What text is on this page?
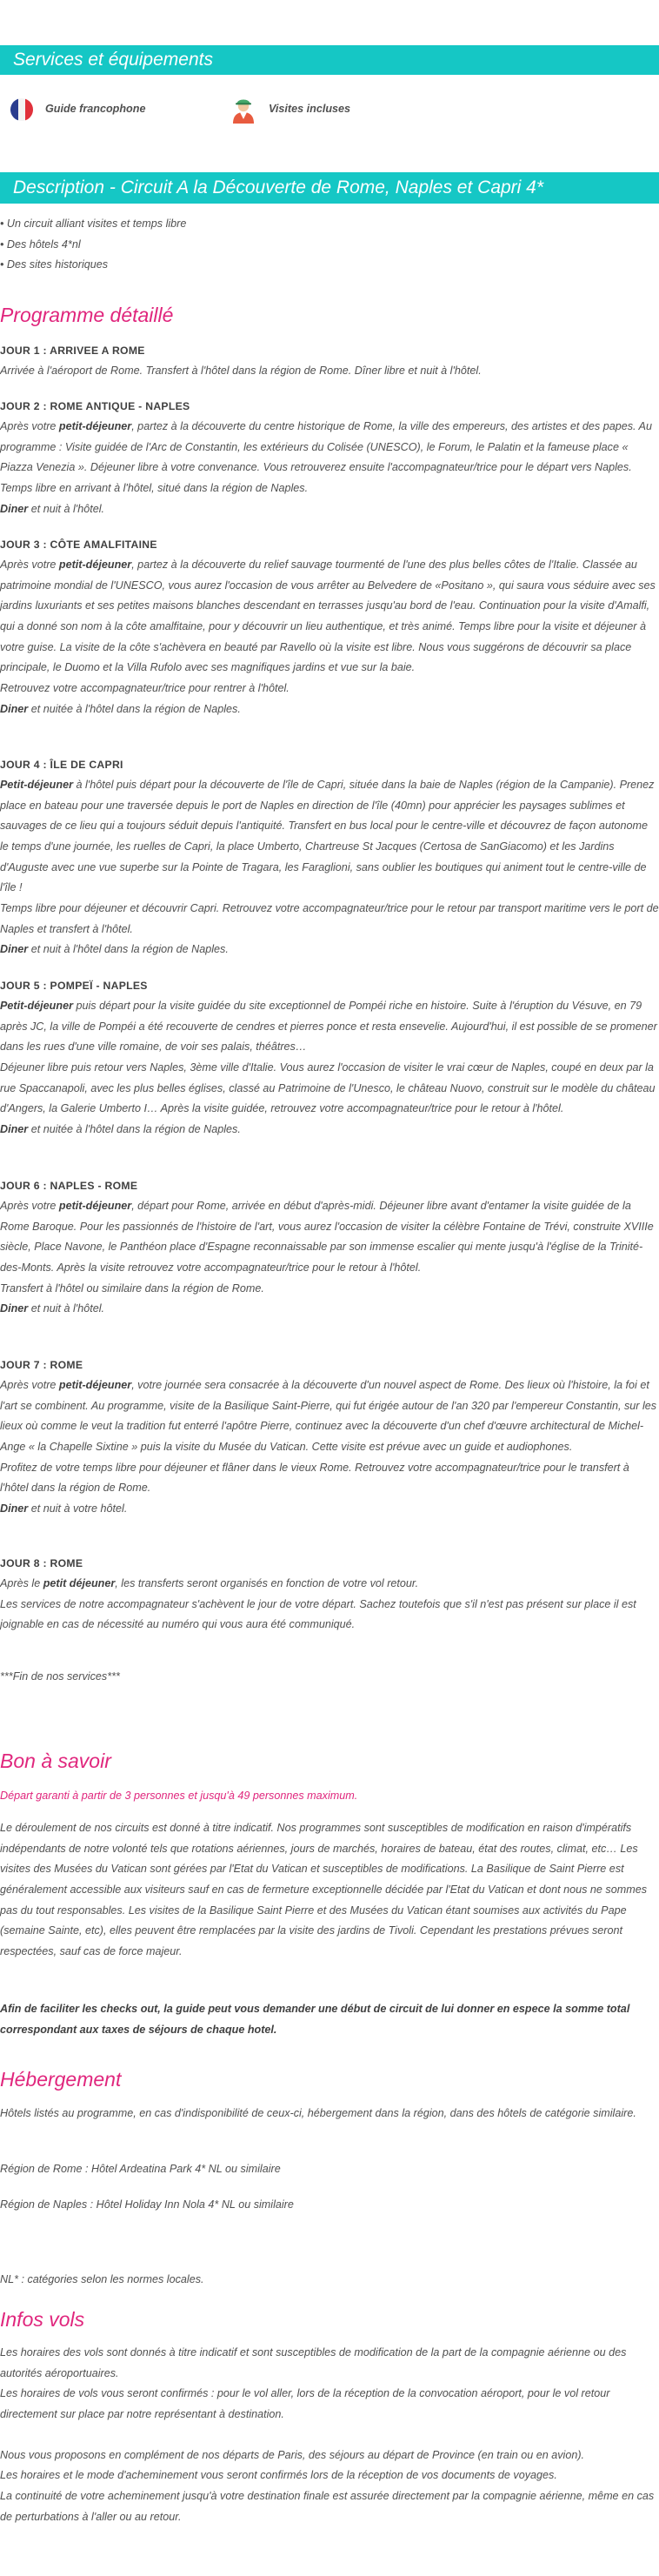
Services et équipements
Guide francophone	Visites incluses
Description - Circuit A la Découverte de Rome, Naples et Capri 4*
• Un circuit alliant visites et temps libre
• Des hôtels 4*nl
• Des sites historiques
Programme détaillé
JOUR 1 : ARRIVEE A ROME
Arrivée à l'aéroport de Rome. Transfert à l'hôtel dans la région de Rome. Dîner libre et nuit à l'hôtel.
JOUR 2 : ROME ANTIQUE - NAPLES
Après votre petit-déjeuner, partez à la découverte du centre historique de Rome, la ville des empereurs, des artistes et des papes. Au programme : Visite guidée de l'Arc de Constantin, les extérieurs du Colisée (UNESCO), le Forum, le Palatin et la fameuse place « Piazza Venezia ». Déjeuner libre à votre convenance. Vous retrouverez ensuite l'accompagnateur/trice pour le départ vers Naples. Temps libre en arrivant à l'hôtel, situé dans la région de Naples.
Diner et nuit à l'hôtel.
JOUR 3 : CÔTE AMALFITAINE
Après votre petit-déjeuner, partez à la découverte du relief sauvage tourmenté de l'une des plus belles côtes de l'Italie. Classée au patrimoine mondial de l'UNESCO, vous aurez l'occasion de vous arrêter au Belvedere de «Positano », qui saura vous séduire avec ses jardins luxuriants et ses petites maisons blanches descendant en terrasses jusqu'au bord de l'eau. Continuation pour la visite d'Amalfi, qui a donné son nom à la côte amalfitaine, pour y découvrir un lieu authentique, et très animé. Temps libre pour la visite et déjeuner à votre guise. La visite de la côte s'achèvera en beauté par Ravello où la visite est libre. Nous vous suggérons de découvrir sa place principale, le Duomo et la Villa Rufolo avec ses magnifiques jardins et vue sur la baie.
Retrouvez votre accompagnateur/trice pour rentrer à l'hôtel.
Diner et nuitée à l'hôtel dans la région de Naples.
JOUR 4 : ÎLE DE CAPRI
Petit-déjeuner à l'hôtel puis départ pour la découverte de l'île de Capri, située dans la baie de Naples (région de la Campanie). Prenez place en bateau pour une traversée depuis le port de Naples en direction de l'île (40mn) pour apprécier les paysages sublimes et sauvages de ce lieu qui a toujours séduit depuis l'antiquité. Transfert en bus local pour le centre-ville et découvrez de façon autonome le temps d'une journée, les ruelles de Capri, la place Umberto, Chartreuse St Jacques (Certosa de SanGiacomo) et les Jardins d'Auguste avec une vue superbe sur la Pointe de Tragara, les Faraglioni, sans oublier les boutiques qui animent tout le centre-ville de l'île !
Temps libre pour déjeuner et découvrir Capri. Retrouvez votre accompagnateur/trice pour le retour par transport maritime vers le port de Naples et transfert à l'hôtel.
Diner et nuit à l'hôtel dans la région de Naples.
JOUR 5 : POMPEÏ - NAPLES
Petit-déjeuner puis départ pour la visite guidée du site exceptionnel de Pompéi riche en histoire. Suite à l'éruption du Vésuve, en 79 après JC, la ville de Pompéi a été recouverte de cendres et pierres ponce et resta ensevelie. Aujourd'hui, il est possible de se promener dans les rues d'une ville romaine, de voir ses palais, théâtres…
Déjeuner libre puis retour vers Naples, 3ème ville d'Italie. Vous aurez l'occasion de visiter le vrai cœur de Naples, coupé en deux par la rue Spaccanapoli, avec les plus belles églises, classé au Patrimoine de l'Unesco, le château Nuovo, construit sur le modèle du château d'Angers, la Galerie Umberto I… Après la visite guidée, retrouvez votre accompagnateur/trice pour le retour à l'hôtel.
Diner et nuitée à l'hôtel dans la région de Naples.
JOUR 6 : NAPLES - ROME
Après votre petit-déjeuner, départ pour Rome, arrivée en début d'après-midi. Déjeuner libre avant d'entamer la visite guidée de la Rome Baroque. Pour les passionnés de l'histoire de l'art, vous aurez l'occasion de visiter la célèbre Fontaine de Trévi, construite XVIIIe siècle, Place Navone, le Panthéon place d'Espagne reconnaissable par son immense escalier qui mente jusqu'à l'église de la Trinité-des-Monts. Après la visite retrouvez votre accompagnateur/trice pour le retour à l'hôtel.
Transfert à l'hôtel ou similaire dans la région de Rome.
Diner et nuit à l'hôtel.
JOUR 7 : ROME
Après votre petit-déjeuner, votre journée sera consacrée à la découverte d'un nouvel aspect de Rome. Des lieux où l'histoire, la foi et l'art se combinent. Au programme, visite de la Basilique Saint-Pierre, qui fut érigée autour de l'an 320 par l'empereur Constantin, sur les lieux où comme le veut la tradition fut enterré l'apôtre Pierre, continuez avec la découverte d'un chef d'œuvre architectural de Michel-Ange « la Chapelle Sixtine » puis la visite du Musée du Vatican. Cette visite est prévue avec un guide et audiophones.
Profitez de votre temps libre pour déjeuner et flâner dans le vieux Rome. Retrouvez votre accompagnateur/trice pour le transfert à l'hôtel dans la région de Rome.
Diner et nuit à votre hôtel.
JOUR 8 : ROME
Après le petit déjeuner, les transferts seront organisés en fonction de votre vol retour.
Les services de notre accompagnateur s'achèvent le jour de votre départ. Sachez toutefois que s'il n'est pas présent sur place il est joignable en cas de nécessité au numéro qui vous aura été communiqué.
***Fin de nos services***
Bon à savoir
Départ garanti à partir de 3 personnes et jusqu'à 49 personnes maximum.
Le déroulement de nos circuits est donné à titre indicatif. Nos programmes sont susceptibles de modification en raison d'impératifs indépendants de notre volonté tels que rotations aériennes, jours de marchés, horaires de bateau, état des routes, climat, etc… Les visites des Musées du Vatican sont gérées par l'Etat du Vatican et susceptibles de modifications. La Basilique de Saint Pierre est généralement accessible aux visiteurs sauf en cas de fermeture exceptionnelle décidée par l'Etat du Vatican et dont nous ne sommes pas du tout responsables. Les visites de la Basilique Saint Pierre et des Musées du Vatican étant soumises aux activités du Pape (semaine Sainte, etc), elles peuvent être remplacées par la visite des jardins de Tivoli. Cependant les prestations prévues seront respectées, sauf cas de force majeur.
Afin de faciliter les checks out, la guide peut vous demander une début de circuit de lui donner en espece la somme total correspondant aux taxes de séjours de chaque hotel.
Hébergement
Hôtels listés au programme, en cas d'indisponibilité de ceux-ci, hébergement dans la région, dans des hôtels de catégorie similaire.
Région de Rome : Hôtel Ardeatina Park 4* NL ou similaire
Région de Naples : Hôtel Holiday Inn Nola 4* NL ou similaire
NL* : catégories selon les normes locales.
Infos vols
Les horaires des vols sont donnés à titre indicatif et sont susceptibles de modification de la part de la compagnie aérienne ou des autorités aéroportuaires.
Les horaires de vols vous seront confirmés : pour le vol aller, lors de la réception de la convocation aéroport, pour le vol retour directement sur place par notre représentant à destination.
Nous vous proposons en complément de nos départs de Paris, des séjours au départ de Province (en train ou en avion).
Les horaires et le mode d'acheminement vous seront confirmés lors de la réception de vos documents de voyages.
La continuité de votre acheminement jusqu'à votre destination finale est assurée directement par la compagnie aérienne, même en cas de perturbations à l'aller ou au retour.
